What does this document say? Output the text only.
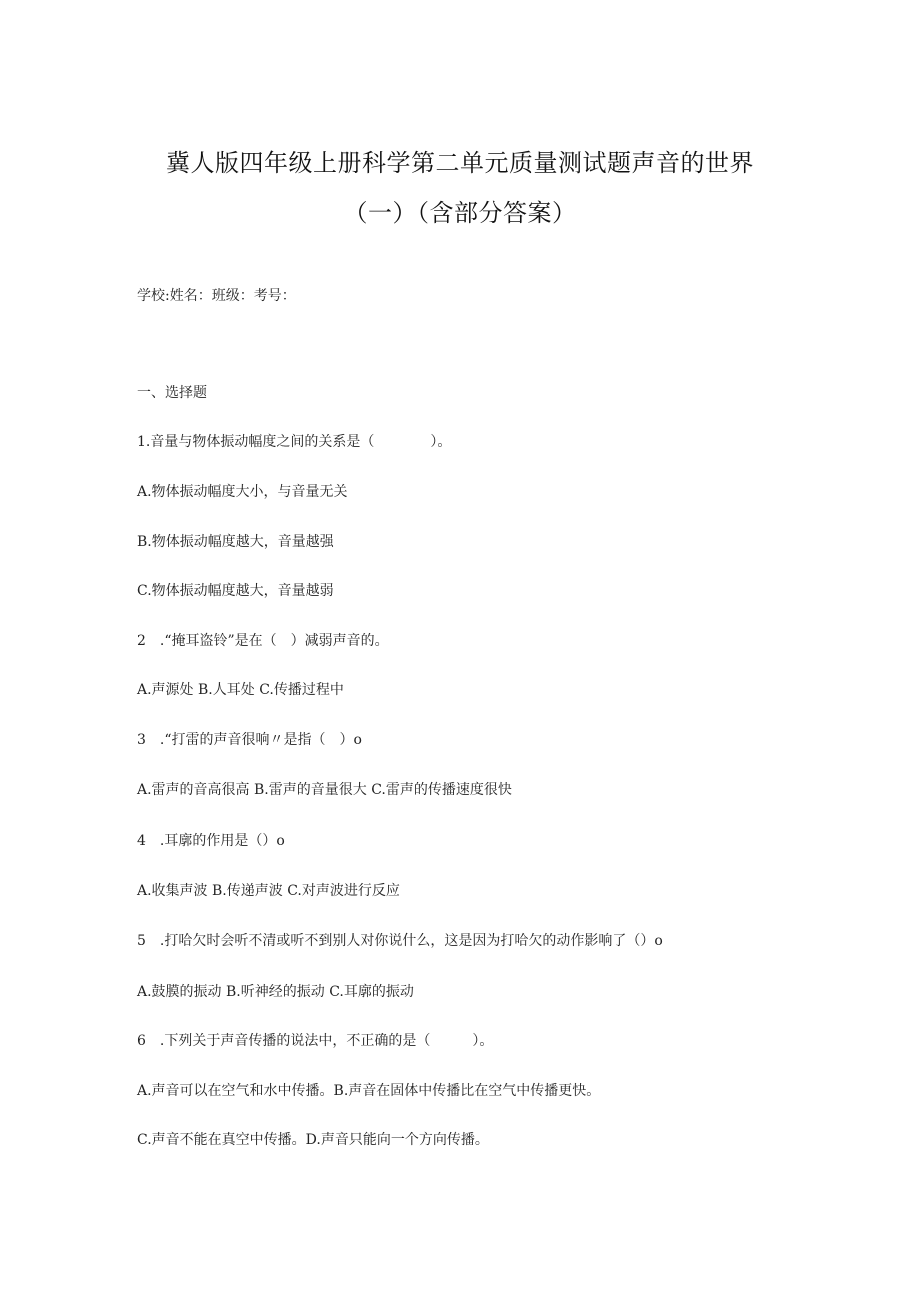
冀人版四年级上册科学第二单元质量测试题声音的世界
（一）（含部分答案）
学校:姓名：班级：考号：
一、选择题
1.音量与物体振动幅度之间的关系是（　　　　）。
A.物体振动幅度大小，与音量无关
B.物体振动幅度越大，音量越强
C.物体振动幅度越大，音量越弱
2　.“掩耳盗铃”是在（　）减弱声音的。
A.声源处 B.人耳处 C.传播过程中
3　.“打雷的声音很响〃是指（　）o
A.雷声的音高很高 B.雷声的音量很大 C.雷声的传播速度很快
4　.耳廓的作用是（）o
A.收集声波 B.传递声波 C.对声波进行反应
5　.打哈欠时会听不清或听不到别人对你说什么，这是因为打哈欠的动作影响了（）o
A.鼓膜的振动 B.听神经的振动 C.耳廓的振动
6　.下列关于声音传播的说法中，不正确的是（　　　）。
A.声音可以在空气和水中传播。B.声音在固体中传播比在空气中传播更快。
C.声音不能在真空中传播。D.声音只能向一个方向传播。
